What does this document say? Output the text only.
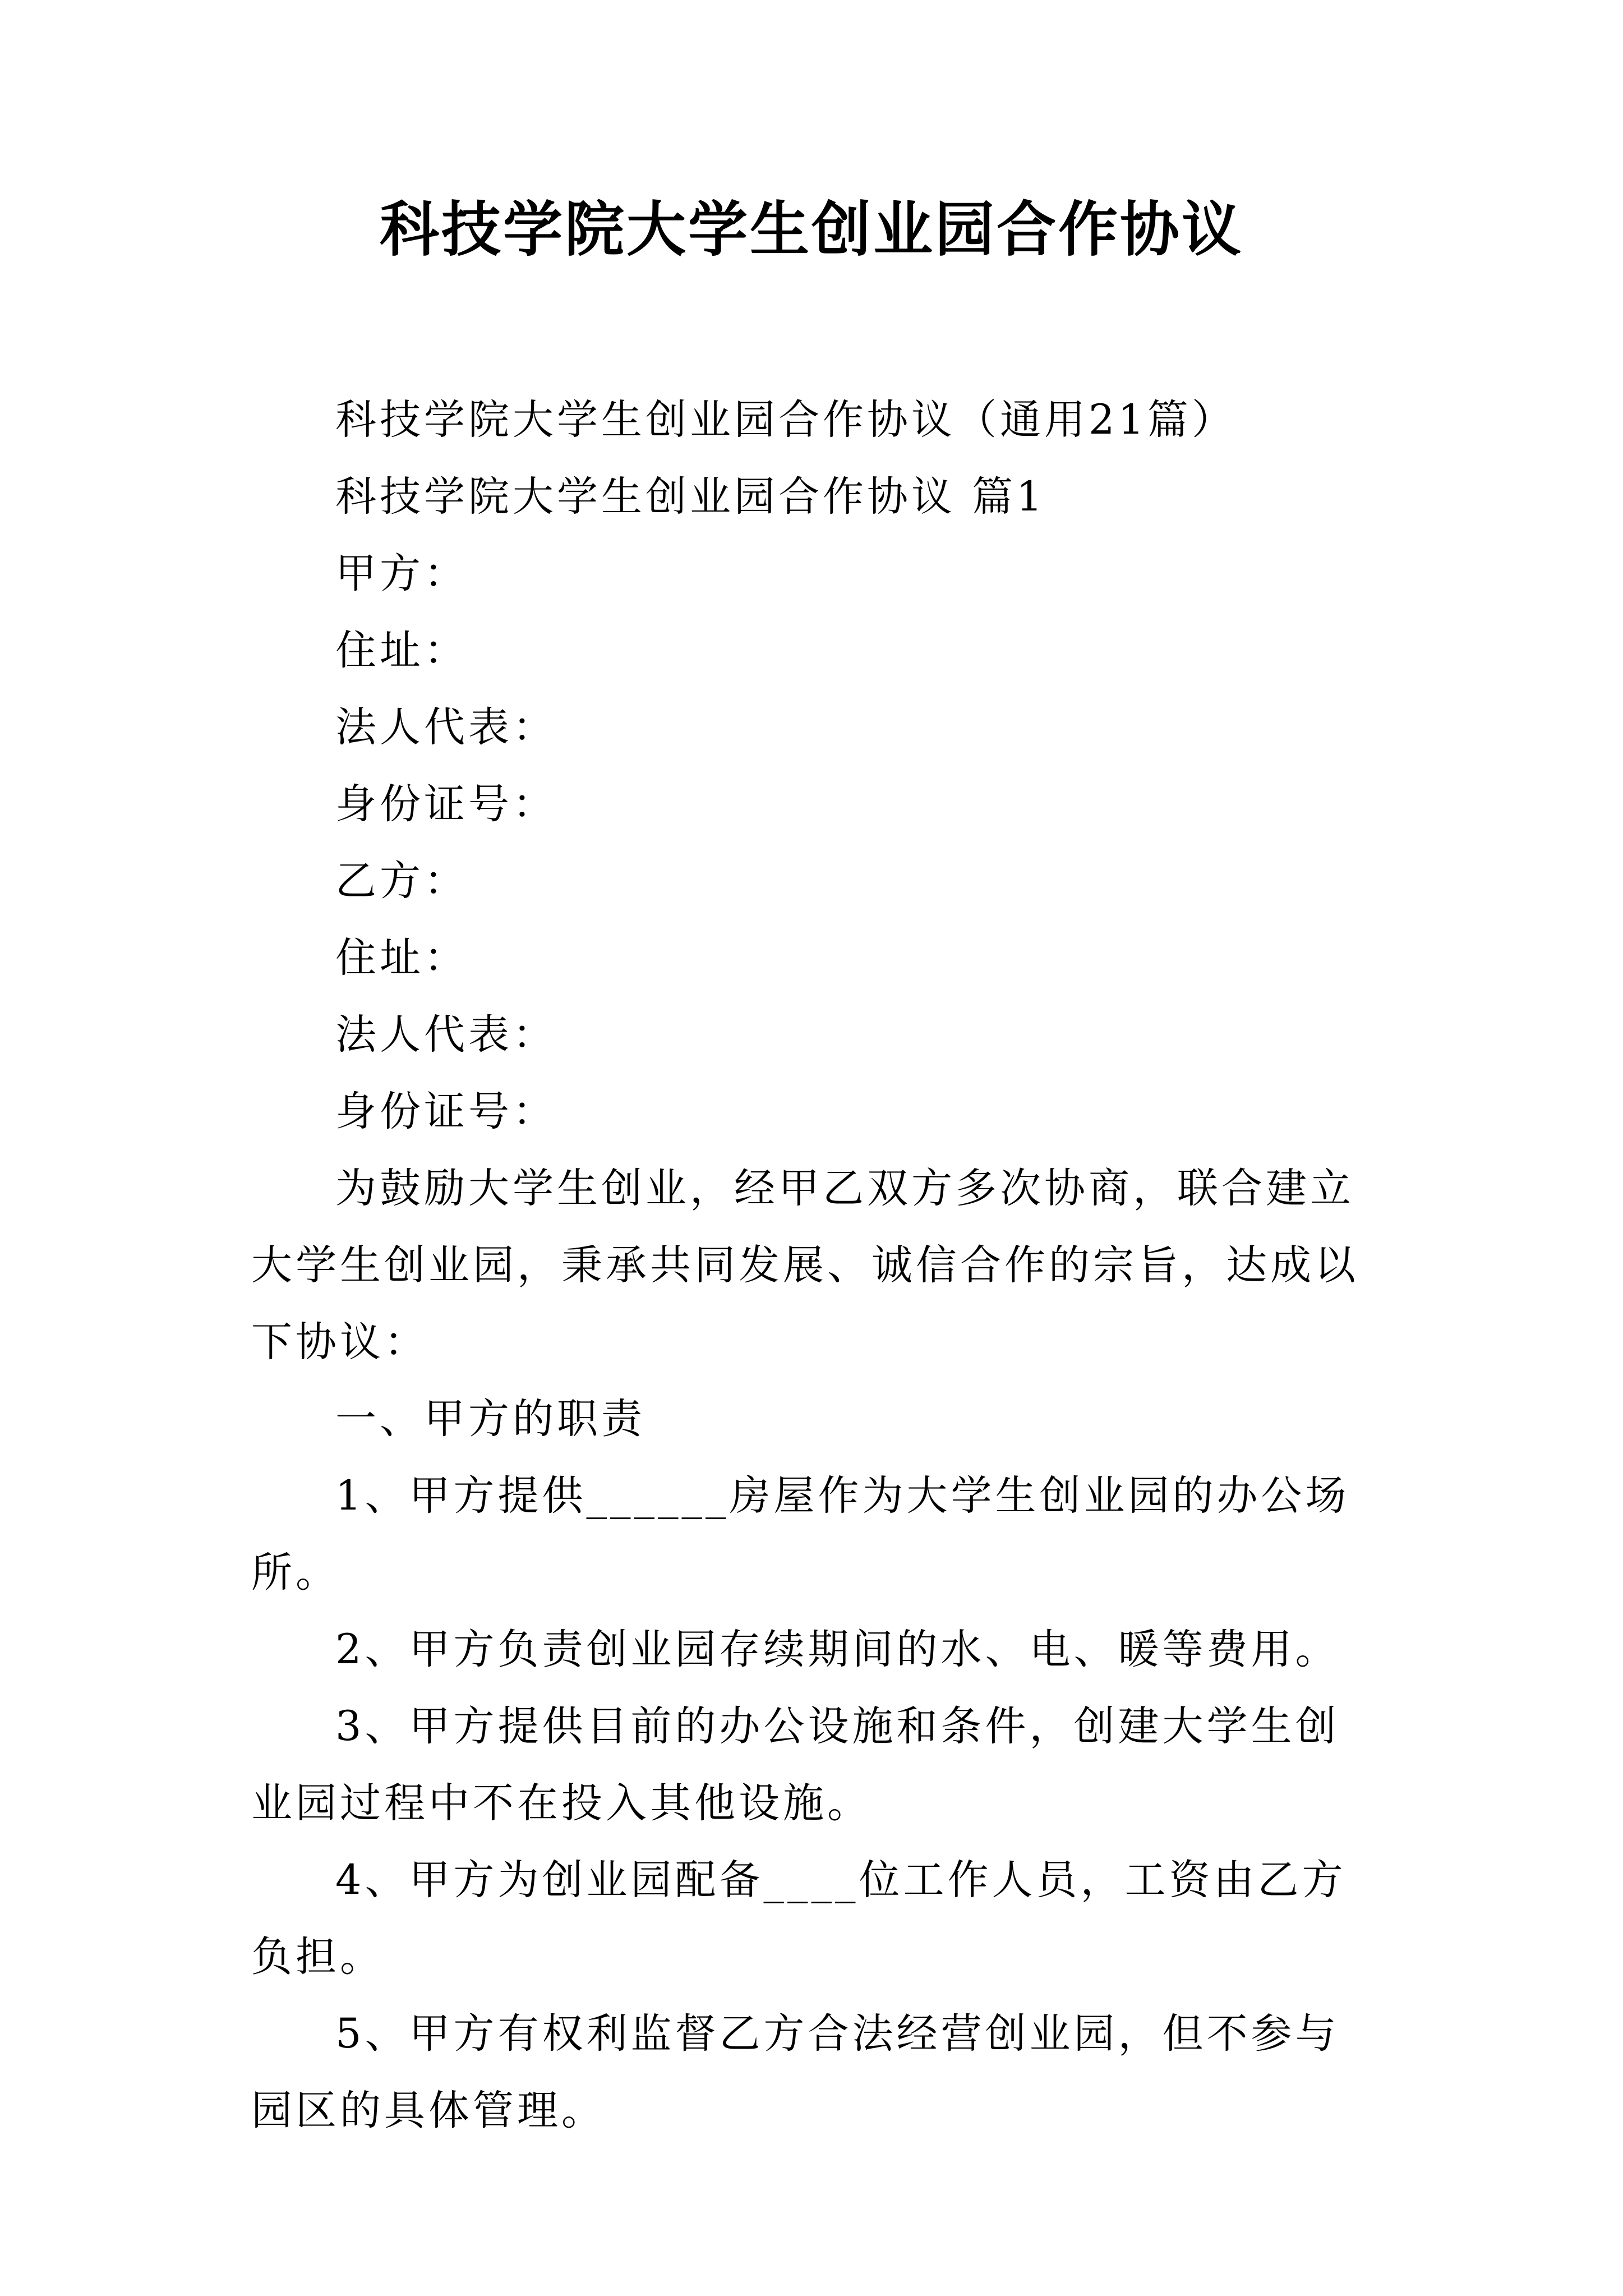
科技学院大学生创业园合作协议

科技学院大学生创业园合作协议（通用21篇）

科技学院大学生创业园合作协议 篇1

甲方：

住址：

法人代表：

身份证号：

乙方：

住址：

法人代表：

身份证号：

为鼓励大学生创业，经甲乙双方多次协商，联合建立大学生创业园，秉承共同发展、诚信合作的宗旨，达成以下协议：

一、甲方的职责

1、甲方提供______房屋作为大学生创业园的办公场所。

2、甲方负责创业园存续期间的水、电、暖等费用。

3、甲方提供目前的办公设施和条件，创建大学生创业园过程中不在投入其他设施。

4、甲方为创业园配备____位工作人员，工资由乙方负担。

5、甲方有权利监督乙方合法经营创业园，但不参与园区的具体管理。
